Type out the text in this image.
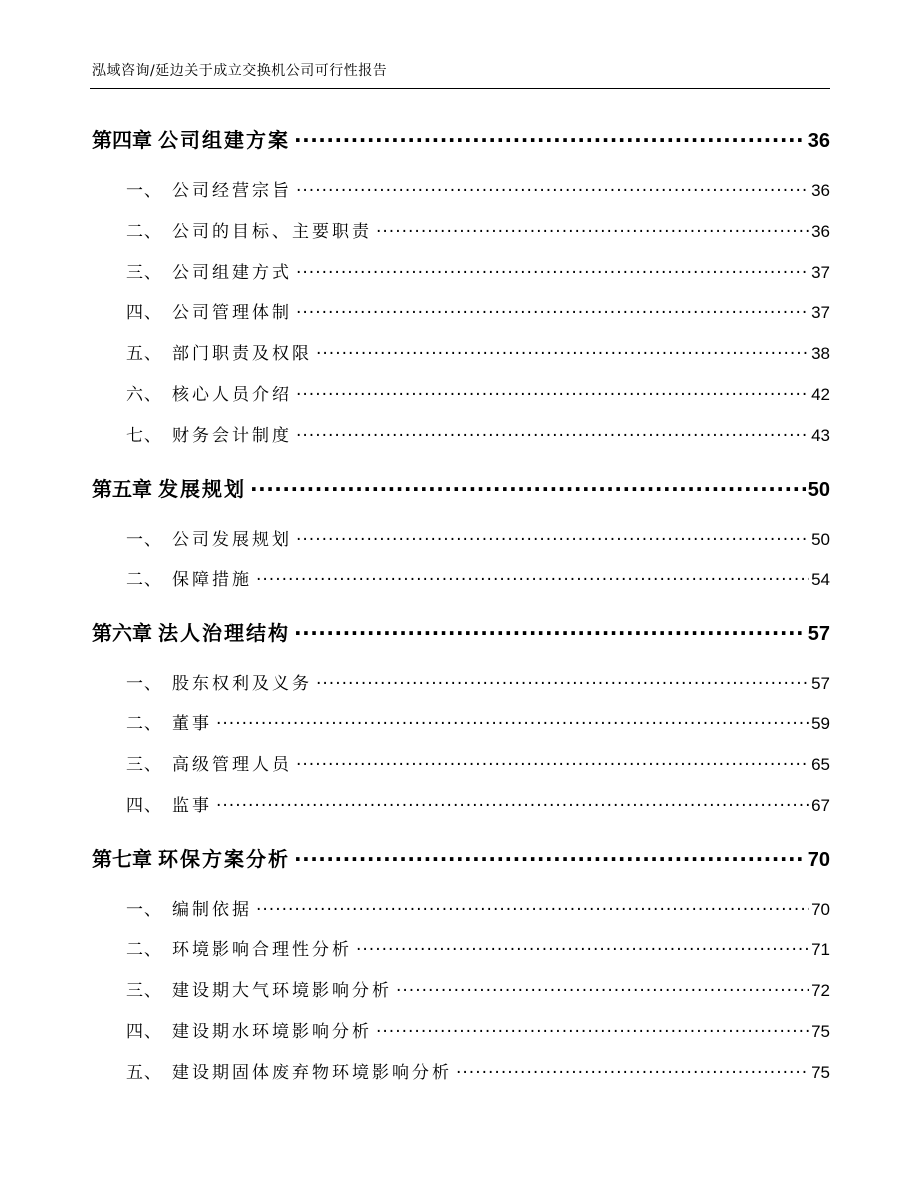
泓域咨询/延边关于成立交换机公司可行性报告
第四章 公司组建方案 .....	36
一、 公司经营宗旨 .....	36
二、 公司的目标、主要职责 .....	36
三、 公司组建方式 .....	37
四、 公司管理体制 .....	37
五、 部门职责及权限 .....	38
六、 核心人员介绍 .....	42
七、 财务会计制度 .....	43
第五章 发展规划 .....	50
一、 公司发展规划 .....	50
二、 保障措施 .....	54
第六章 法人治理结构 .....	57
一、 股东权利及义务 .....	57
二、 董事 .....	59
三、 高级管理人员 .....	65
四、 监事 .....	67
第七章 环保方案分析 .....	70
一、 编制依据 .....	70
二、 环境影响合理性分析 .....	71
三、 建设期大气环境影响分析 .....	72
四、 建设期水环境影响分析 .....	75
五、 建设期固体废弃物环境影响分析 .....	75
